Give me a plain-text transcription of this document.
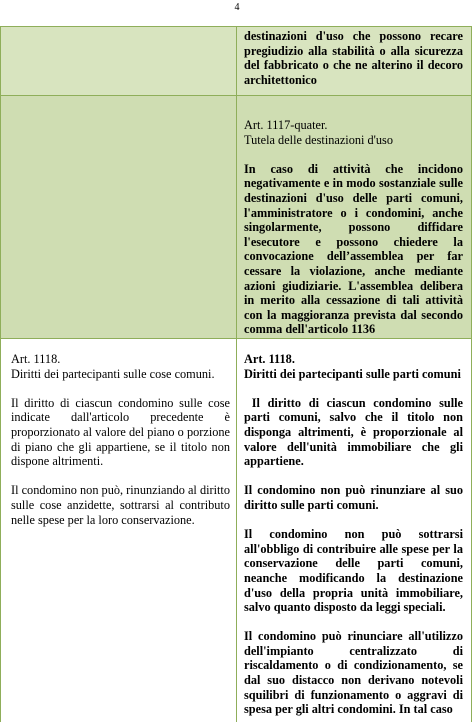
4

destinazioni d'uso che possono recare pregiudizio alla stabilità o alla sicurezza del fabbricato o che ne alterino il decoro architettonico

Art. 1117-quater.
Tutela delle destinazioni d'uso

In caso di attività che incidono negativamente e in modo sostanziale sulle destinazioni d'uso delle parti comuni, l'amministratore o i condomini, anche singolarmente, possono diffidare l'esecutore e possono chiedere la convocazione dell’assemblea per far cessare la violazione, anche mediante azioni giudiziarie. L'assemblea delibera in merito alla cessazione di tali attività con la maggioranza prevista dal secondo comma dell'articolo 1136

Art. 1118.
Diritti dei partecipanti sulle cose comuni.

Il diritto di ciascun condomino sulle cose indicate dall'articolo precedente è proporzionato al valore del piano o porzione di piano che gli appartiene, se il titolo non dispone altrimenti.

Il condomino non può, rinunziando al diritto sulle cose anzidette, sottrarsi al contributo nelle spese per la loro conservazione.

Art. 1118.
Diritti dei partecipanti sulle parti comuni

Il diritto di ciascun condomino sulle parti comuni, salvo che il titolo non disponga altrimenti, è proporzionale al valore dell'unità immobiliare che gli appartiene.

Il condomino non può rinunziare al suo diritto sulle parti comuni.

Il condomino non può sottrarsi all'obbligo di contribuire alle spese per la conservazione delle parti comuni, neanche modificando la destinazione d'uso della propria unità immobiliare, salvo quanto disposto da leggi speciali.

Il condomino può rinunciare all'utilizzo dell'impianto centralizzato di riscaldamento o di condizionamento, se dal suo distacco non derivano notevoli squilibri di funzionamento o aggravi di spesa per gli altri condomini. In tal caso
